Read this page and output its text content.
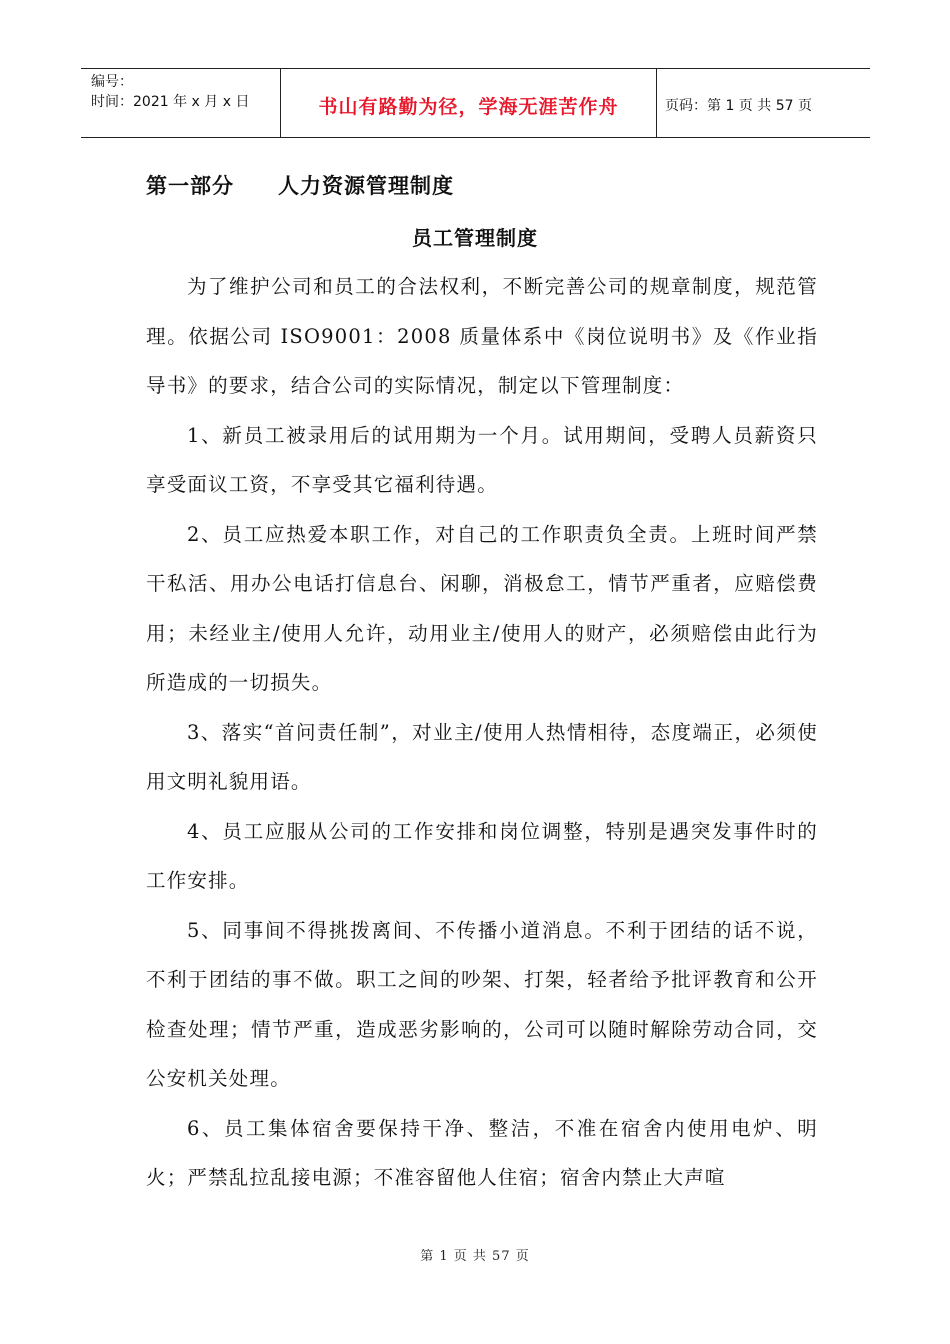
编号：
时间：2021 年 x 月 x 日	书山有路勤为径，学海无涯苦作舟	页码：第 1 页 共 57 页
第一部分 人力资源管理制度
员工管理制度

为了维护公司和员工的合法权利，不断完善公司的规章制度，规范管理。依据公司 ISO9001：2008 质量体系中《岗位说明书》及《作业指导书》的要求，结合公司的实际情况，制定以下管理制度：

1、新员工被录用后的试用期为一个月。试用期间，受聘人员薪资只享受面议工资，不享受其它福利待遇。

2、员工应热爱本职工作，对自己的工作职责负全责。上班时间严禁干私活、用办公电话打信息台、闲聊，消极怠工，情节严重者，应赔偿费用；未经业主/使用人允许，动用业主/使用人的财产，必须赔偿由此行为所造成的一切损失。

3、落实“首问责任制”，对业主/使用人热情相待，态度端正，必须使用文明礼貌用语。

4、员工应服从公司的工作安排和岗位调整，特别是遇突发事件时的工作安排。

5、同事间不得挑拨离间、不传播小道消息。不利于团结的话不说，不利于团结的事不做。职工之间的吵架、打架，轻者给予批评教育和公开检查处理；情节严重，造成恶劣影响的，公司可以随时解除劳动合同，交公安机关处理。

6、员工集体宿舍要保持干净、整洁，不准在宿舍内使用电炉、明火；严禁乱拉乱接电源；不准容留他人住宿；宿舍内禁止大声喧

第 1 页 共 57 页
